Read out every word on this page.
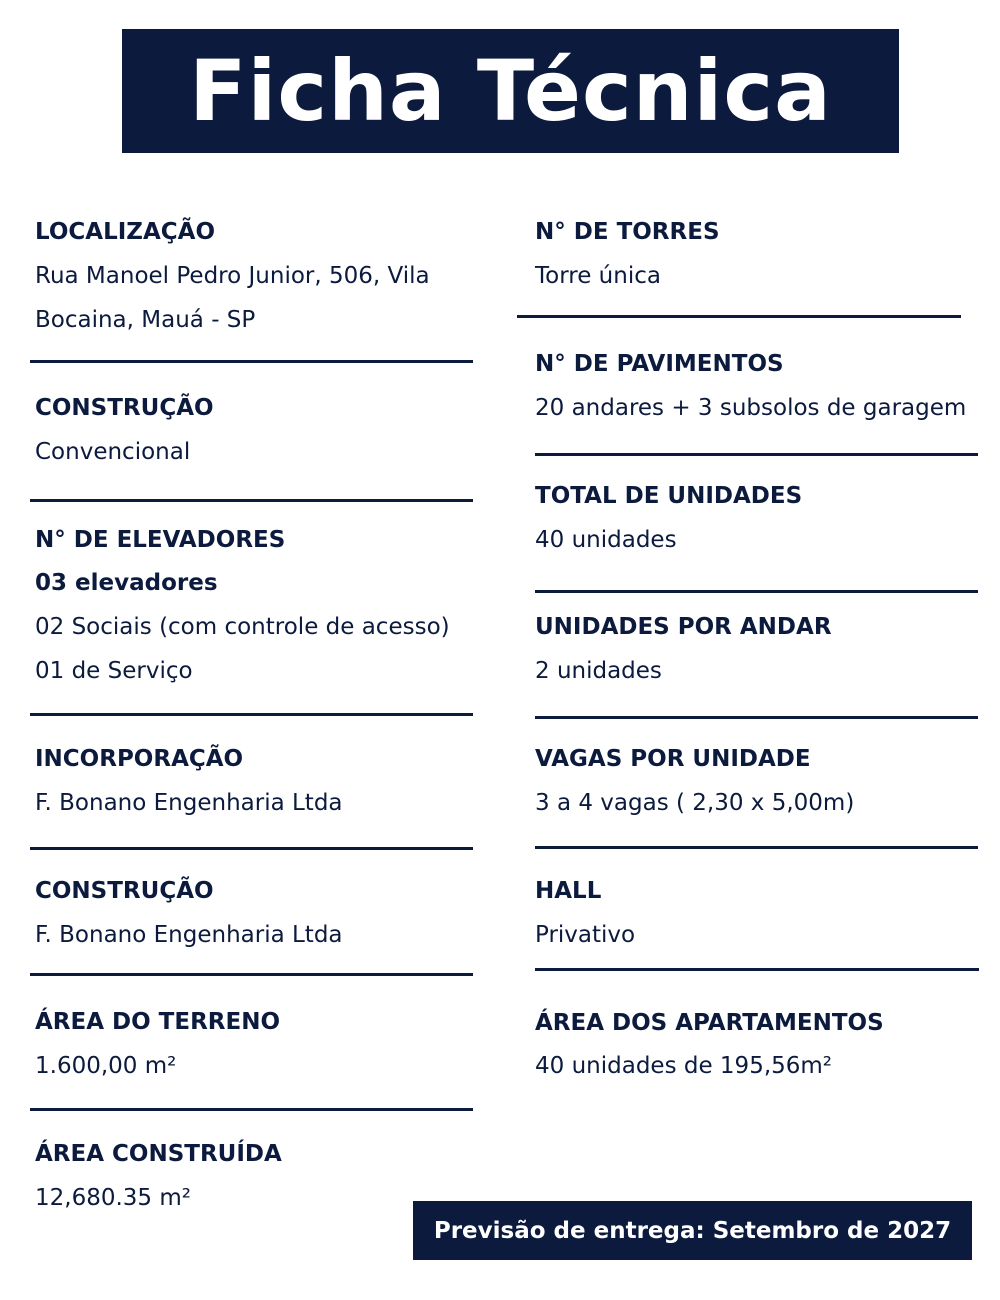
Ficha Técnica
LOCALIZAÇÃO
Rua Manoel Pedro Junior, 506, Vila
Bocaina, Mauá - SP
CONSTRUÇÃO
Convencional
N° DE ELEVADORES
03 elevadores
02 Sociais (com controle de acesso)
01 de Serviço
INCORPORAÇÃO
F. Bonano Engenharia Ltda
CONSTRUÇÃO
F. Bonano Engenharia Ltda
ÁREA DO TERRENO
1.600,00 m²
ÁREA CONSTRUÍDA
12,680.35 m²
N° DE TORRES
Torre única
N° DE PAVIMENTOS
20 andares + 3 subsolos de garagem
TOTAL DE UNIDADES
40 unidades
UNIDADES POR ANDAR
2 unidades
VAGAS POR UNIDADE
3 a 4 vagas ( 2,30 x 5,00m)
HALL
Privativo
ÁREA DOS APARTAMENTOS
40 unidades de 195,56m²
Previsão de entrega: Setembro de 2027
